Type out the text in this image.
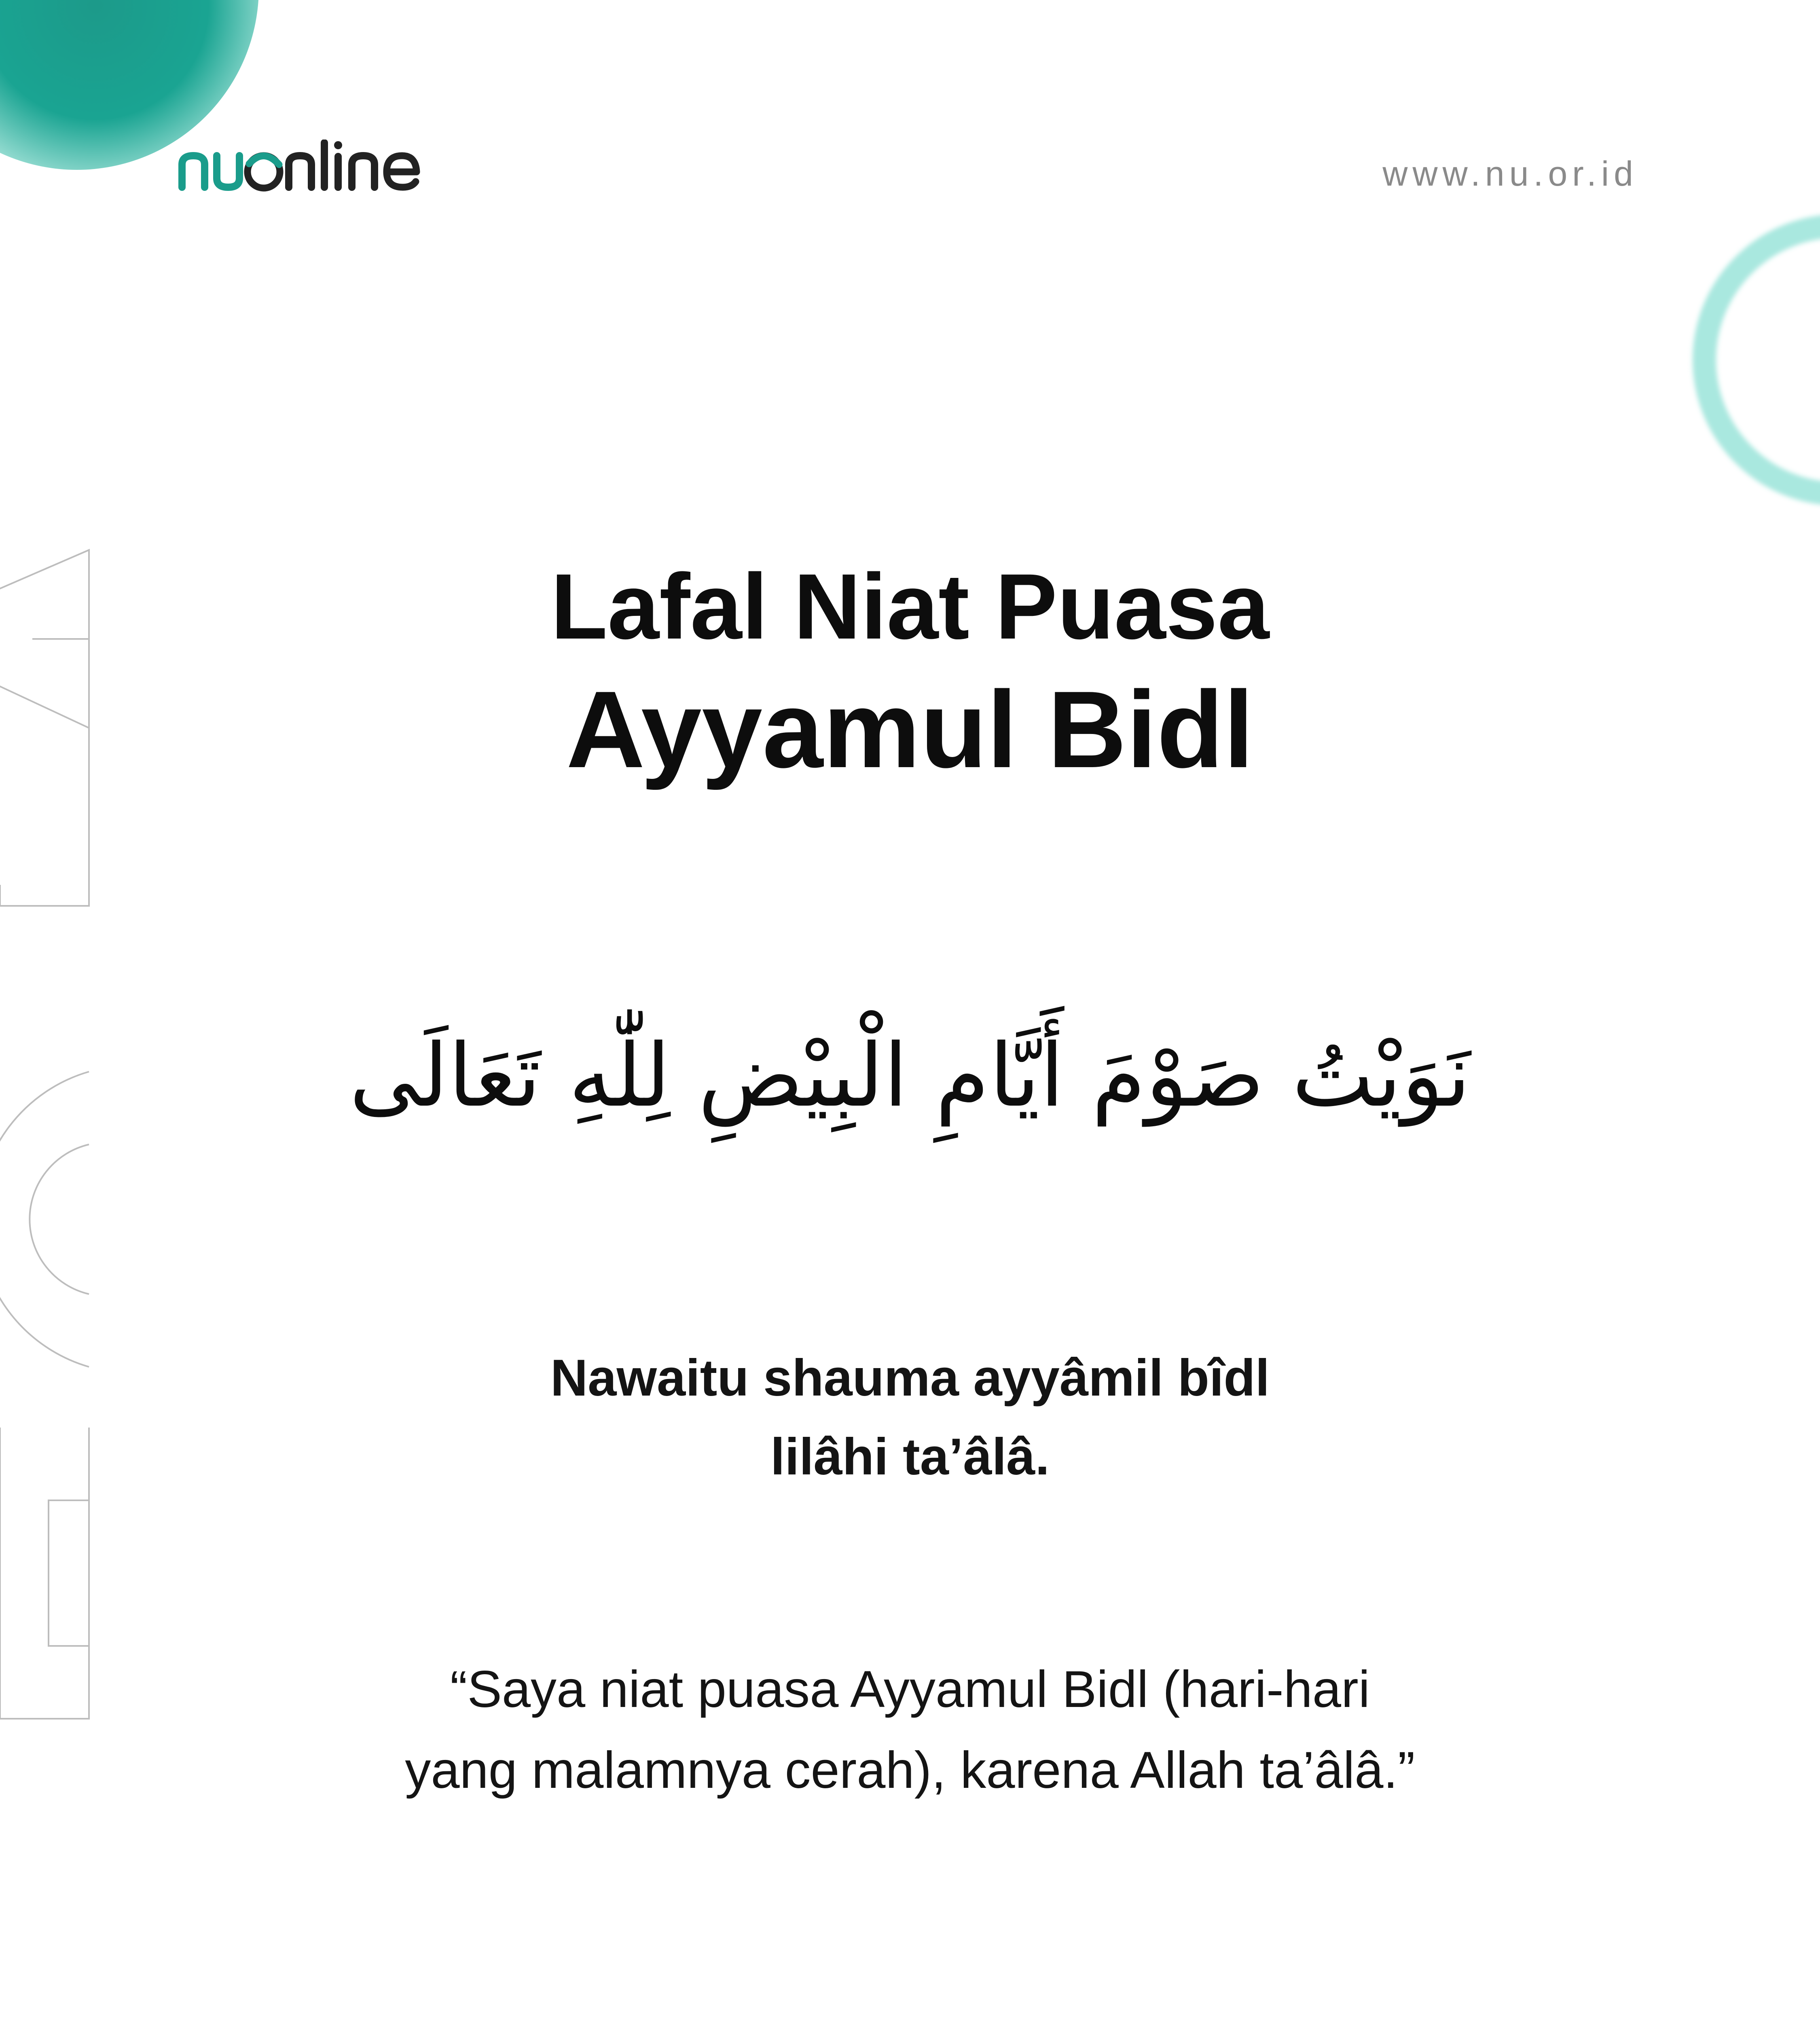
www.nu.or.id
Lafal Niat Puasa
Ayyamul Bidl
نَوَيْتُ صَوْمَ أَيَّامِ الْبِيْضِ لِلّٰهِ تَعَالَى
Nawaitu shauma ayyâmil bîdl
lilâhi ta’âlâ.
“Saya niat puasa Ayyamul Bidl (hari-hari
yang malamnya cerah), karena Allah ta’âlâ.”
